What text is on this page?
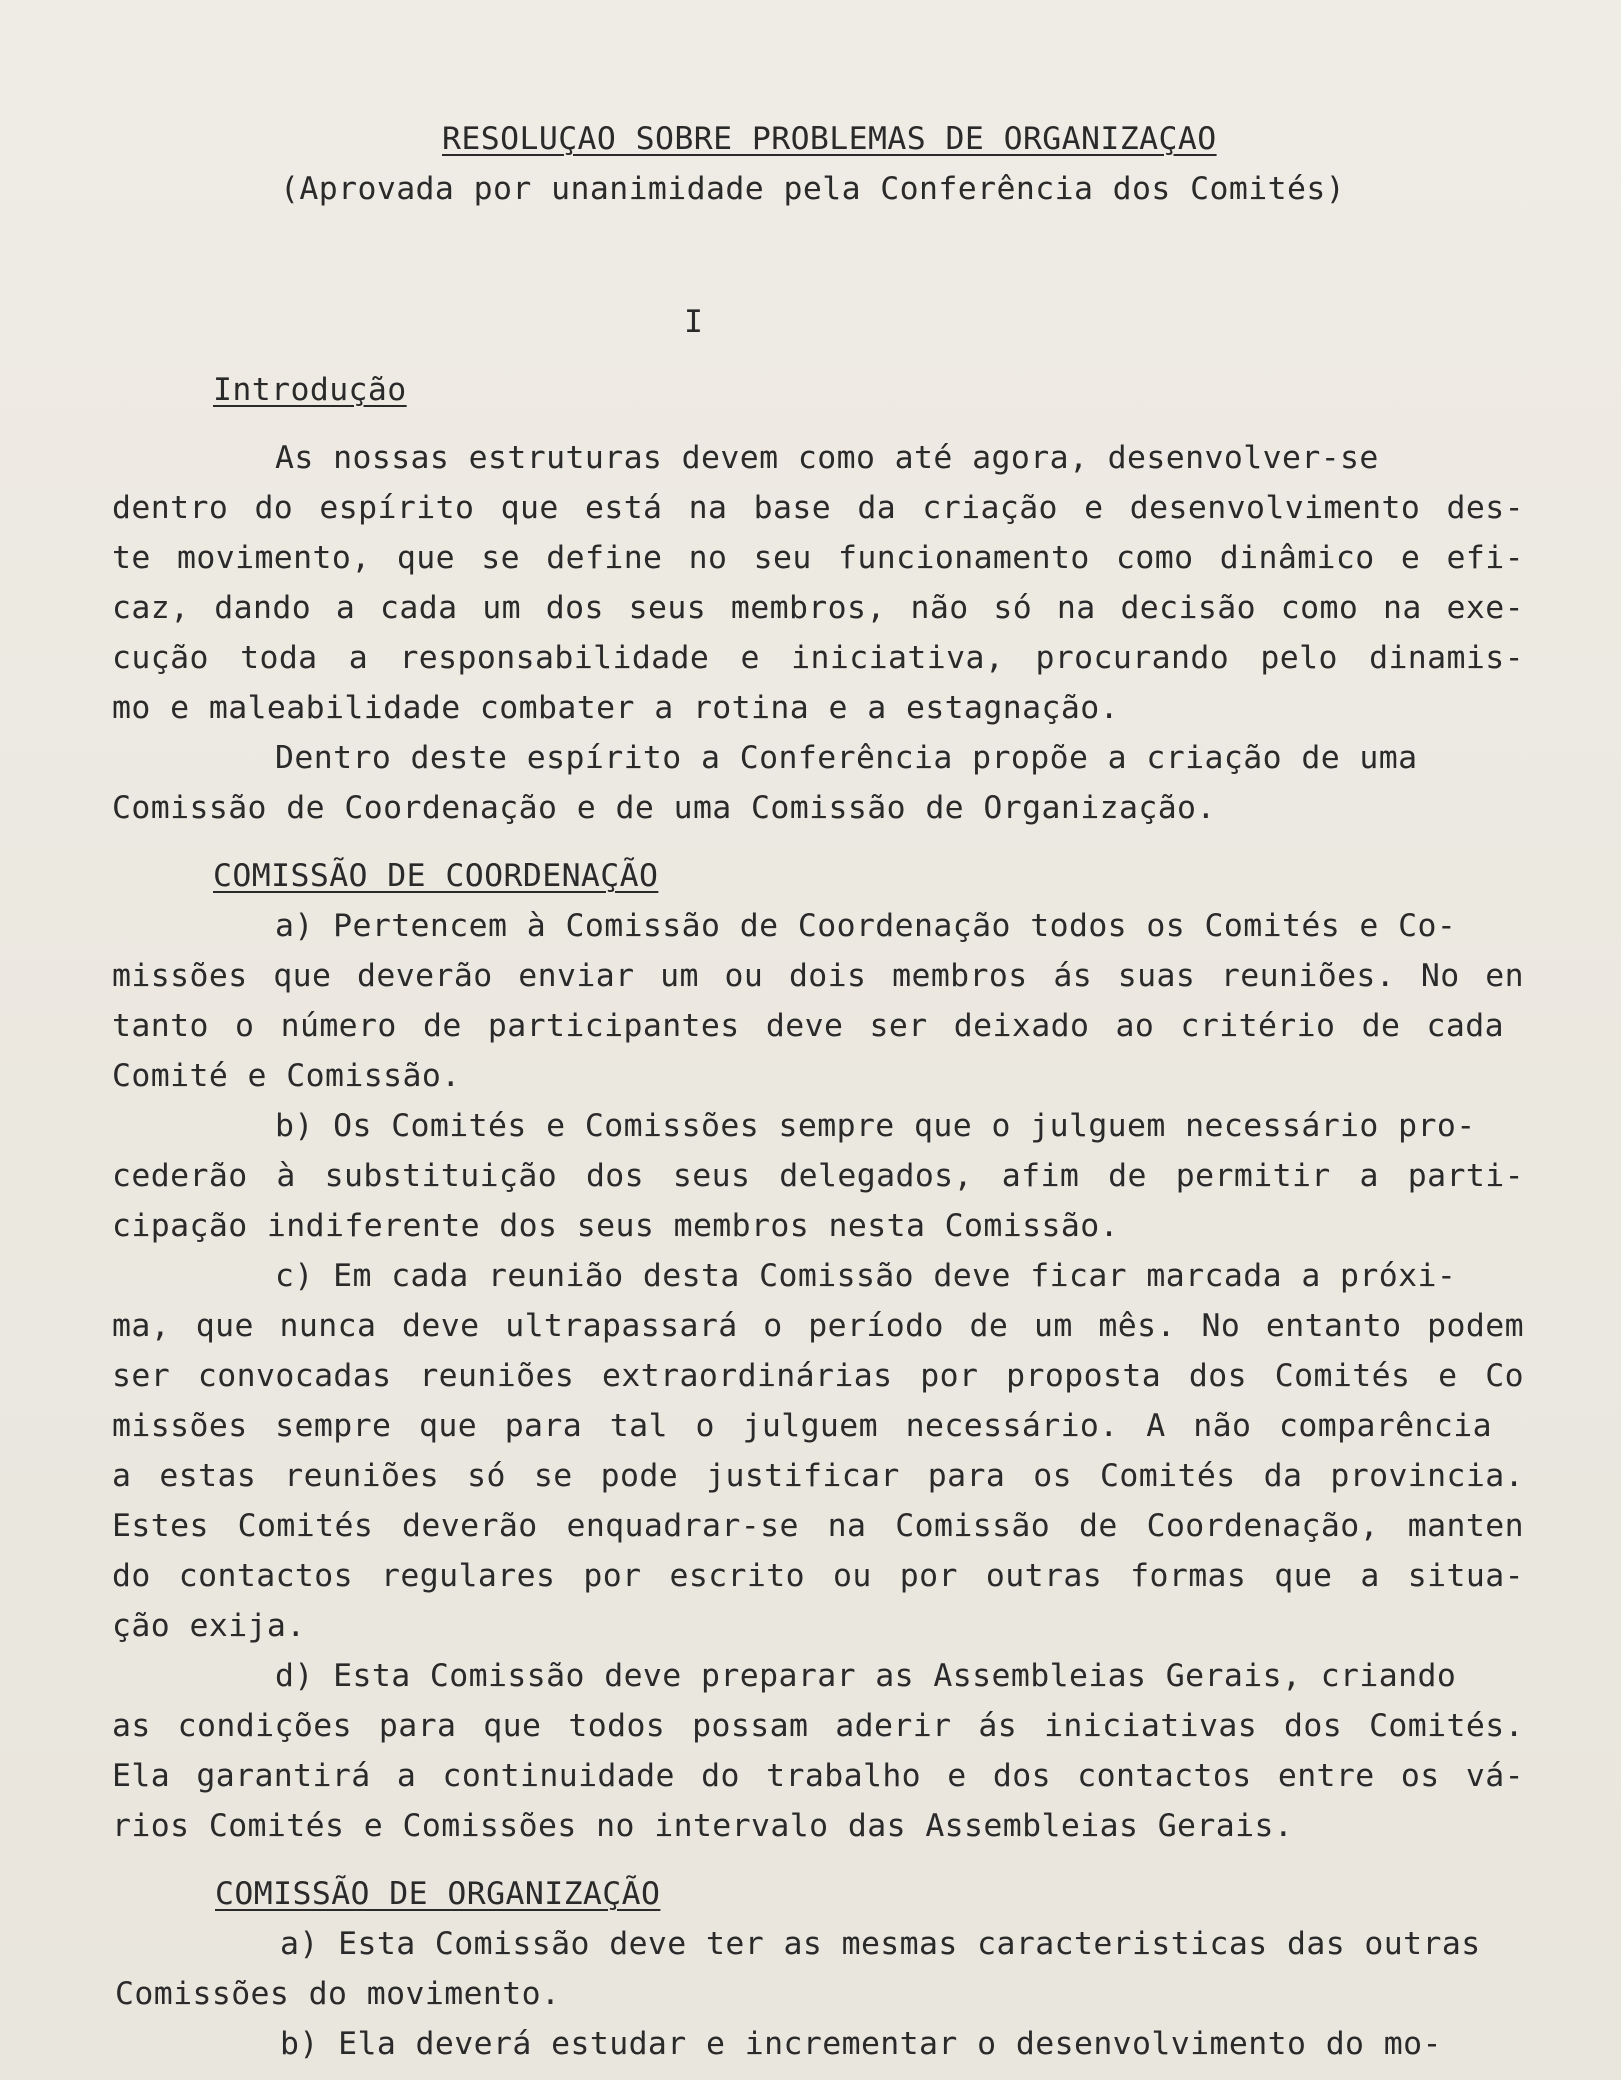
RESOLUÇAO SOBRE PROBLEMAS DE ORGANIZAÇAO
(Aprovada por unanimidade pela Conferência dos Comités)
I
Introdução
As nossas estruturas devem como até agora, desenvolver-se
dentro do espírito que está na base da criação e desenvolvimento des-
te movimento, que se define no seu funcionamento como dinâmico e efi-
caz, dando a cada um dos seus membros, não só na decisão como na exe-
cução toda a responsabilidade e iniciativa, procurando pelo dinamis-
mo e maleabilidade combater a rotina e a estagnação.
Dentro deste espírito a Conferência propõe a criação de uma
Comissão de Coordenação e de uma Comissão de Organização.
COMISSÃO DE COORDENAÇÃO
a) Pertencem à Comissão de Coordenação todos os Comités e Co-
missões que deverão enviar um ou dois membros ás suas reuniões. No en
tanto o número de participantes deve ser deixado ao critério de cada
Comité e Comissão.
b) Os Comités e Comissões sempre que o julguem necessário pro-
cederão à substituição dos seus delegados, afim de permitir a parti-
cipação indiferente dos seus membros nesta Comissão.
c) Em cada reunião desta Comissão deve ficar marcada a próxi-
ma, que nunca deve ultrapassará o período de um mês. No entanto podem
ser convocadas reuniões extraordinárias por proposta dos Comités e Co
missões sempre que para tal o julguem necessário. A não comparência
a estas reuniões só se pode justificar para os Comités da provincia.
Estes Comités deverão enquadrar-se na Comissão de Coordenação, manten
do contactos regulares por escrito ou por outras formas que a situa-
ção exija.
d) Esta Comissão deve preparar as Assembleias Gerais, criando
as condições para que todos possam aderir ás iniciativas dos Comités.
Ela garantirá a continuidade do trabalho e dos contactos entre os vá-
rios Comités e Comissões no intervalo das Assembleias Gerais.
COMISSÃO DE ORGANIZAÇÃO
a) Esta Comissão deve ter as mesmas caracteristicas das outras
Comissões do movimento.
b) Ela deverá estudar e incrementar o desenvolvimento do mo-
